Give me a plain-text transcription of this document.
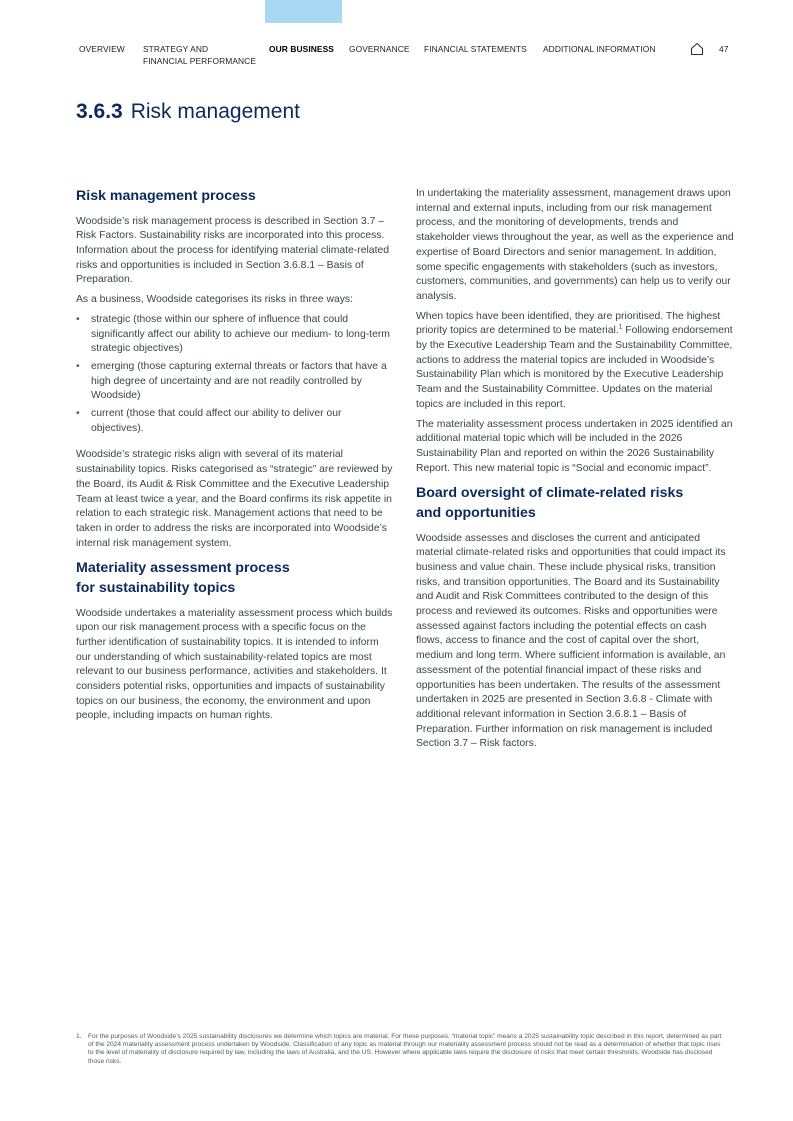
OVERVIEW STRATEGY AND
FINANCIAL PERFORMANCE
OUR BUSINESS GOVERNANCE FINANCIAL STATEMENTS ADDITIONAL INFORMATION	47
3.6.3 Risk management
Risk management process

Woodside’s risk management process is described in Section 3.7 – Risk Factors. Sustainability risks are incorporated into this process. Information about the process for identifying material climate-related risks and opportunities is included in Section 3.6.8.1 – Basis of Preparation.

As a business, Woodside categorises its risks in three ways:

• strategic (those within our sphere of influence that could significantly affect our ability to achieve our medium- to long-term strategic objectives)
• emerging (those capturing external threats or factors that have a high degree of uncertainty and are not readily controlled by Woodside)
• current (those that could affect our ability to deliver our objectives).

Woodside’s strategic risks align with several of its material sustainability topics. Risks categorised as “strategic” are reviewed by the Board, its Audit & Risk Committee and the Executive Leadership Team at least twice a year, and the Board confirms its risk appetite in relation to each strategic risk. Management actions that need to be taken in order to address the risks are incorporated into Woodside’s internal risk management system.

Materiality assessment process
for sustainability topics

Woodside undertakes a materiality assessment process which builds upon our risk management process with a specific focus on the further identification of sustainability topics. It is intended to inform our understanding of which sustainability-related topics are most relevant to our business performance, activities and stakeholders. It considers potential risks, opportunities and impacts of sustainability topics on our business, the economy, the environment and upon people, including impacts on human rights.

In undertaking the materiality assessment, management draws upon internal and external inputs, including from our risk management process, and the monitoring of developments, trends and stakeholder views throughout the year, as well as the experience and expertise of Board Directors and senior management. In addition, some specific engagements with stakeholders (such as investors, customers, communities, and governments) can help us to verify our analysis.

When topics have been identified, they are prioritised. The highest priority topics are determined to be material.$^1$ Following endorsement by the Executive Leadership Team and the Sustainability Committee, actions to address the material topics are included in Woodside’s Sustainability Plan which is monitored by the Executive Leadership Team and the Sustainability Committee. Updates on the material topics are included in this report.

The materiality assessment process undertaken in 2025 identified an additional material topic which will be included in the 2026 Sustainability Plan and reported on within the 2026 Sustainability Report. This new material topic is “Social and economic impact”.

Board oversight of climate-related risks
and opportunities

Woodside assesses and discloses the current and anticipated material climate-related risks and opportunities that could impact its business and value chain. These include physical risks, transition risks, and transition opportunities. The Board and its Sustainability and Audit and Risk Committees contributed to the design of this process and reviewed its outcomes. Risks and opportunities were assessed against factors including the potential effects on cash flows, access to finance and the cost of capital over the short, medium and long term. Where sufficient information is available, an assessment of the potential financial impact of these risks and opportunities has been undertaken. The results of the assessment undertaken in 2025 are presented in Section 3.6.8 - Climate with additional relevant information in Section 3.6.8.1 – Basis of Preparation. Further information on risk management is included Section 3.7 – Risk factors.

1. For the purposes of Woodside’s 2025 sustainability disclosures we determine which topics are material. For these purposes, “material topic” means a 2025 sustainability topic described in this report, determined as part of the 2024 materiality assessment process undertaken by Woodside. Classification of any topic as material through our materiality assessment process should not be read as a determination of whether that topic rises to the level of materiality of disclosure required by law, including the laws of Australia, and the US. However where applicable laws require the disclosure of risks that meet certain thresholds, Woodside has disclosed those risks.
